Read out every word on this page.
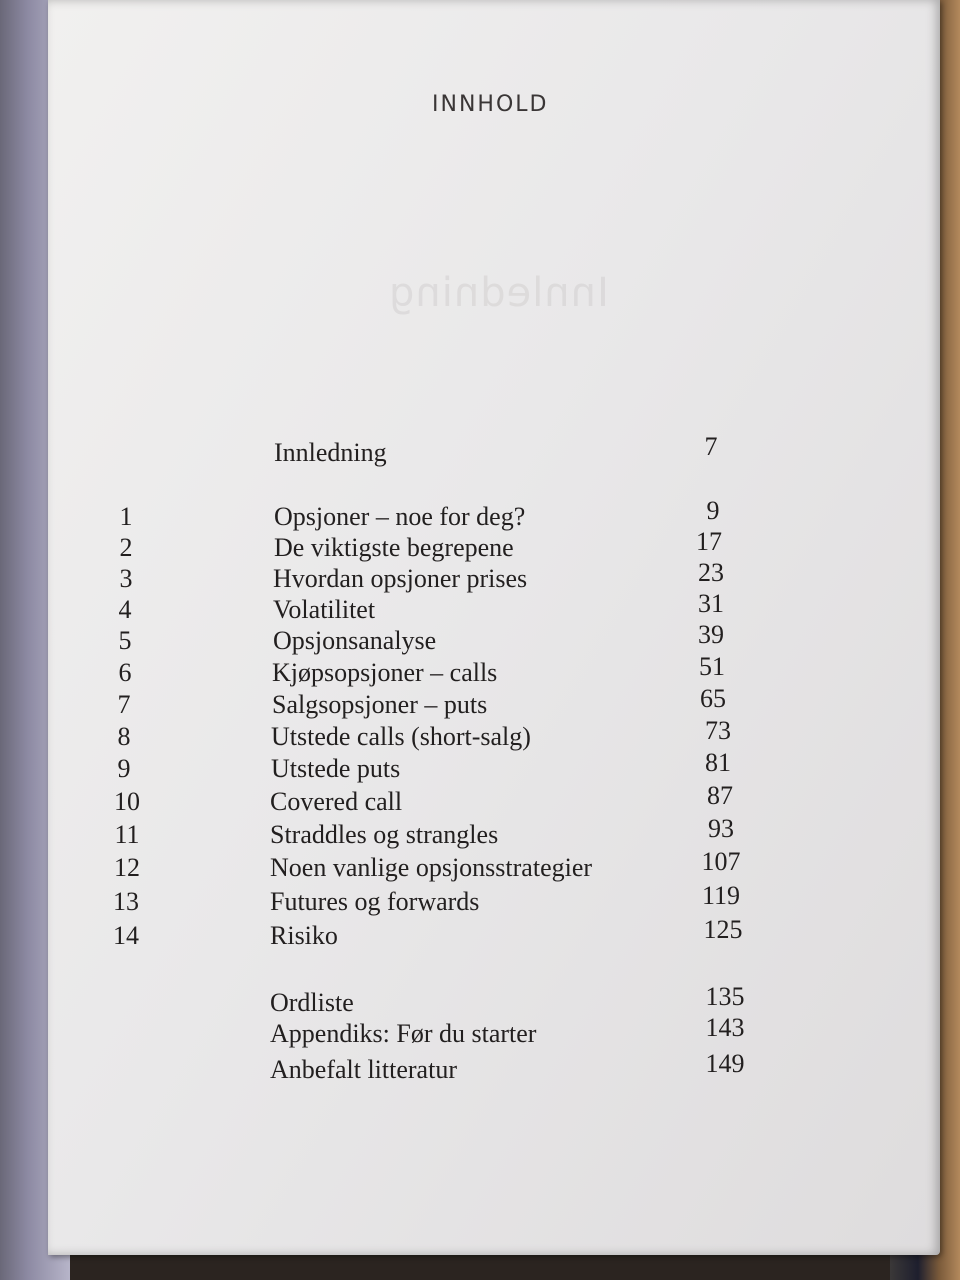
Innledning
INNHOLD
Innledning	7
1	Opsjoner – noe for deg?	9
2	De viktigste begrepene	17
3	Hvordan opsjoner prises	23
4	Volatilitet	31
5	Opsjonsanalyse	39
6	Kjøpsopsjoner – calls	51
7	Salgsopsjoner – puts	65
8	Utstede calls (short-salg)	73
9	Utstede puts	81
10	Covered call	87
11	Straddles og strangles	93
12	Noen vanlige opsjonsstrategier	107
13	Futures og forwards	119
14	Risiko	125
Ordliste	135
Appendiks: Før du starter	143
Anbefalt litteratur	149
